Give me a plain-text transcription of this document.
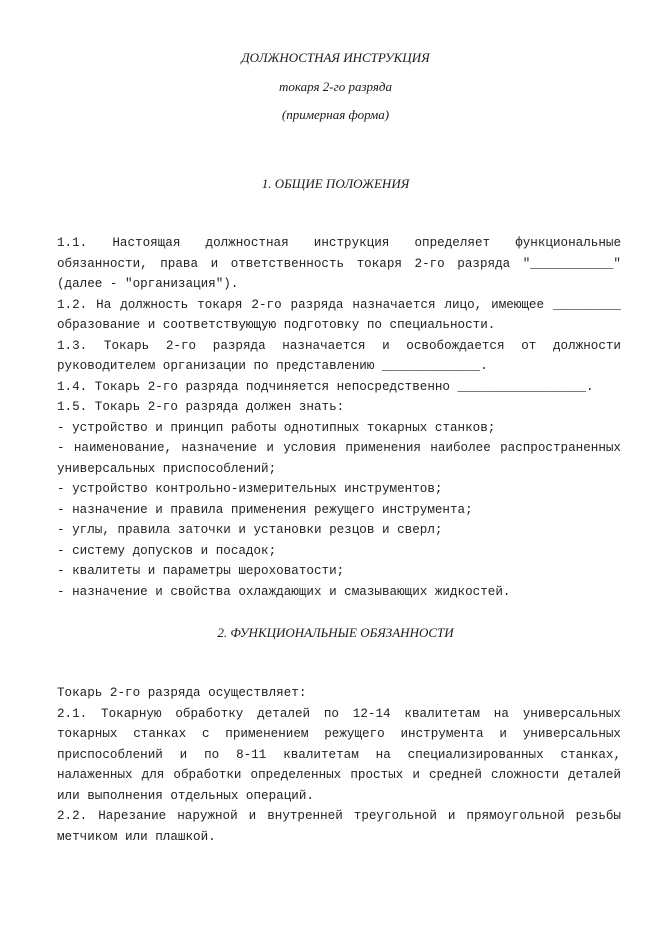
ДОЛЖНОСТНАЯ ИНСТРУКЦИЯ
токаря 2-го разряда
(примерная форма)
1. ОБЩИЕ ПОЛОЖЕНИЯ

1.1. Настоящая должностная инструкция определяет функциональные обязанности, права и ответственность токаря 2-го разряда "___________" (далее - "организация").

1.2. На должность токаря 2-го разряда назначается лицо, имеющее _________ образование и соответствующую подготовку по специальности.

1.3. Токарь 2-го разряда назначается и освобождается от должности руководителем организации по представлению _____________.

1.4. Токарь 2-го разряда подчиняется непосредственно _________________.

1.5. Токарь 2-го разряда должен знать:

- устройство и принцип работы однотипных токарных станков;

- наименование, назначение и условия применения наиболее распространенных универсальных приспособлений;

- устройство контрольно-измерительных инструментов;

- назначение и правила применения режущего инструмента;

- углы, правила заточки и установки резцов и сверл;

- систему допусков и посадок;

- квалитеты и параметры шероховатости;

- назначение и свойства охлаждающих и смазывающих жидкостей.

2. ФУНКЦИОНАЛЬНЫЕ ОБЯЗАННОСТИ

Токарь 2-го разряда осуществляет:

2.1. Токарную обработку деталей по 12-14 квалитетам на универсальных токарных станках с применением режущего инструмента и универсальных приспособлений и по 8-11 квалитетам на специализированных станках, налаженных для обработки определенных простых и средней сложности деталей или выполнения отдельных операций.

2.2. Нарезание наружной и внутренней треугольной и прямоугольной резьбы метчиком или плашкой.
